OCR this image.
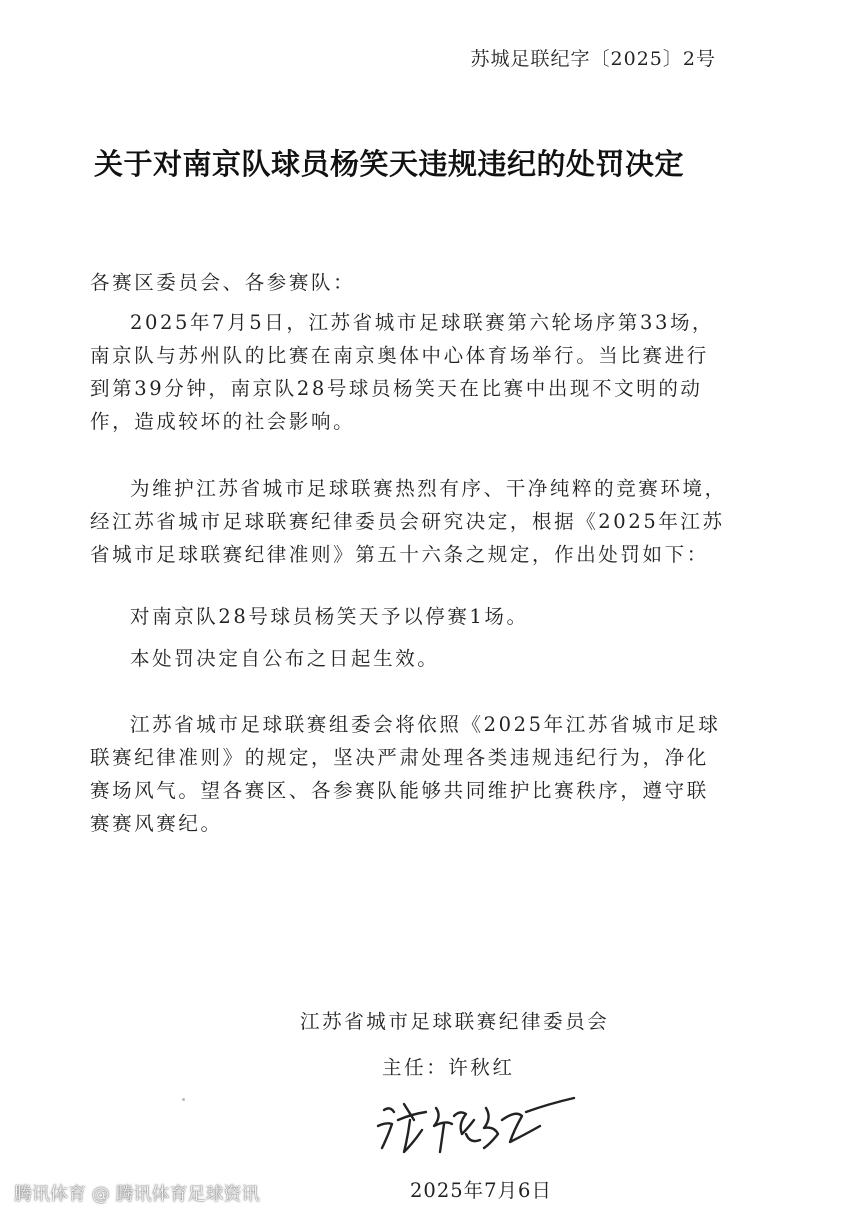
苏城足联纪字〔2025〕2号
关于对南京队球员杨笑天违规违纪的处罚决定

各赛区委员会、各参赛队：

2025年7月5日，江苏省城市足球联赛第六轮场序第33场，南京队与苏州队的比赛在南京奥体中心体育场举行。当比赛进行到第39分钟，南京队28号球员杨笑天在比赛中出现不文明的动作，造成较坏的社会影响。

为维护江苏省城市足球联赛热烈有序、干净纯粹的竞赛环境，经江苏省城市足球联赛纪律委员会研究决定，根据《2025年江苏省城市足球联赛纪律准则》第五十六条之规定，作出处罚如下：

对南京队28号球员杨笑天予以停赛1场。

本处罚决定自公布之日起生效。

江苏省城市足球联赛组委会将依照《2025年江苏省城市足球联赛纪律准则》的规定，坚决严肃处理各类违规违纪行为，净化赛场风气。望各赛区、各参赛队能够共同维护比赛秩序，遵守联赛赛风赛纪。

江苏省城市足球联赛纪律委员会
主任：许秋红
2025年7月6日
腾讯体育 @ 腾讯体育足球资讯
